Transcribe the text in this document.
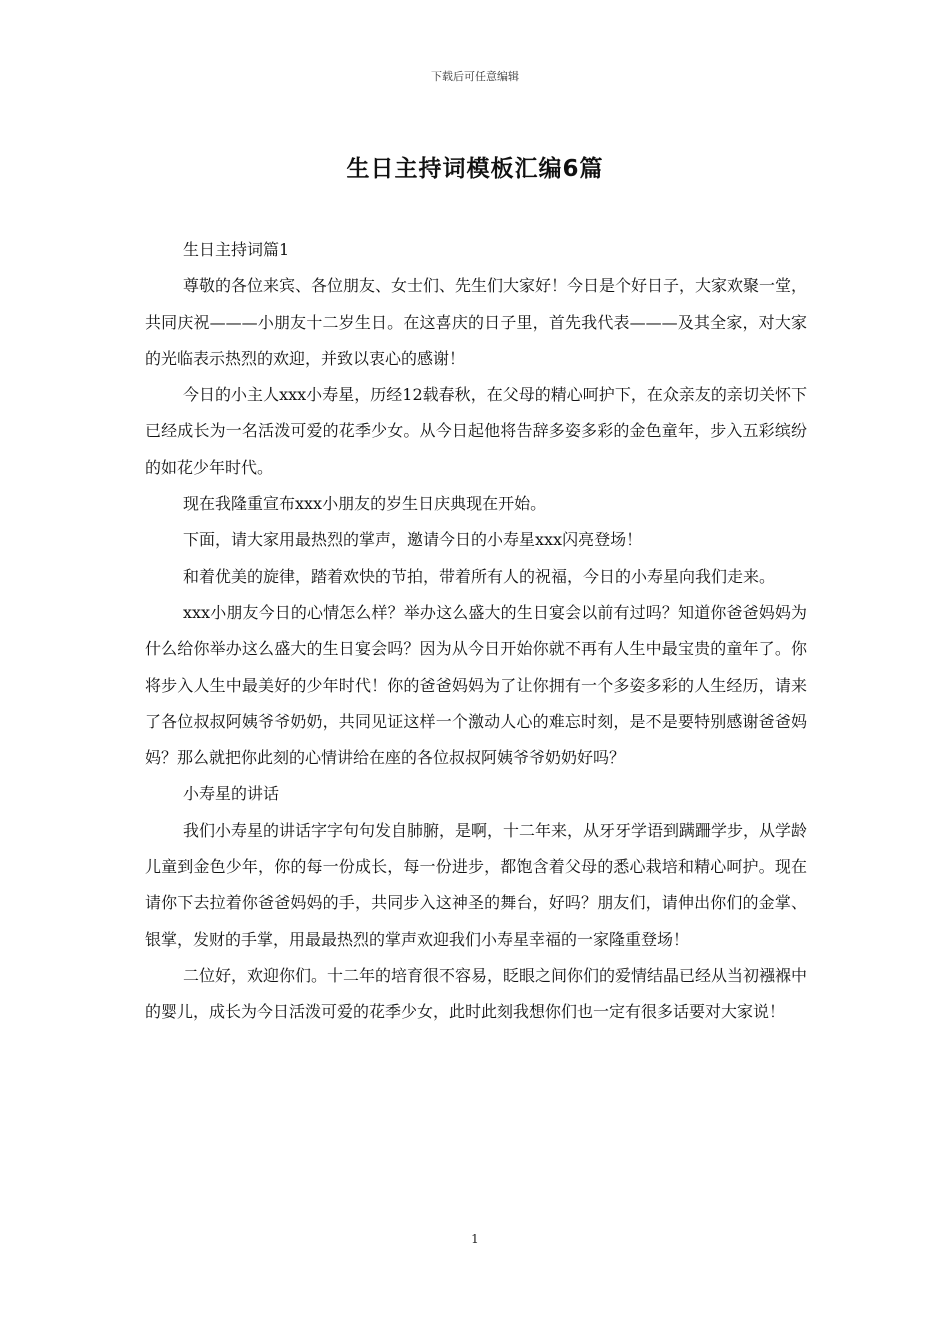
下载后可任意编辑
生日主持词模板汇编6篇

生日主持词篇1

尊敬的各位来宾、各位朋友、女士们、先生们大家好！今日是个好日子，大家欢聚一堂，共同庆祝———小朋友十二岁生日。在这喜庆的日子里，首先我代表———及其全家，对大家的光临表示热烈的欢迎，并致以衷心的感谢！

今日的小主人xxx小寿星，历经12载春秋，在父母的精心呵护下，在众亲友的亲切关怀下已经成长为一名活泼可爱的花季少女。从今日起他将告辞多姿多彩的金色童年，步入五彩缤纷的如花少年时代。

现在我隆重宣布xxx小朋友的岁生日庆典现在开始。

下面，请大家用最热烈的掌声，邀请今日的小寿星xxx闪亮登场！

和着优美的旋律，踏着欢快的节拍，带着所有人的祝福，今日的小寿星向我们走来。

xxx小朋友今日的心情怎么样？举办这么盛大的生日宴会以前有过吗？知道你爸爸妈妈为什么给你举办这么盛大的生日宴会吗？因为从今日开始你就不再有人生中最宝贵的童年了。你将步入人生中最美好的少年时代！你的爸爸妈妈为了让你拥有一个多姿多彩的人生经历，请来了各位叔叔阿姨爷爷奶奶，共同见证这样一个激动人心的难忘时刻，是不是要特别感谢爸爸妈妈？那么就把你此刻的心情讲给在座的各位叔叔阿姨爷爷奶奶好吗？

小寿星的讲话

我们小寿星的讲话字字句句发自肺腑，是啊，十二年来，从牙牙学语到蹒跚学步，从学龄儿童到金色少年，你的每一份成长，每一份进步，都饱含着父母的悉心栽培和精心呵护。现在请你下去拉着你爸爸妈妈的手，共同步入这神圣的舞台，好吗？朋友们，请伸出你们的金掌、银掌，发财的手掌，用最最热烈的掌声欢迎我们小寿星幸福的一家隆重登场！

二位好，欢迎你们。十二年的培育很不容易，眨眼之间你们的爱情结晶已经从当初襁褓中的婴儿，成长为今日活泼可爱的花季少女，此时此刻我想你们也一定有很多话要对大家说！

1
